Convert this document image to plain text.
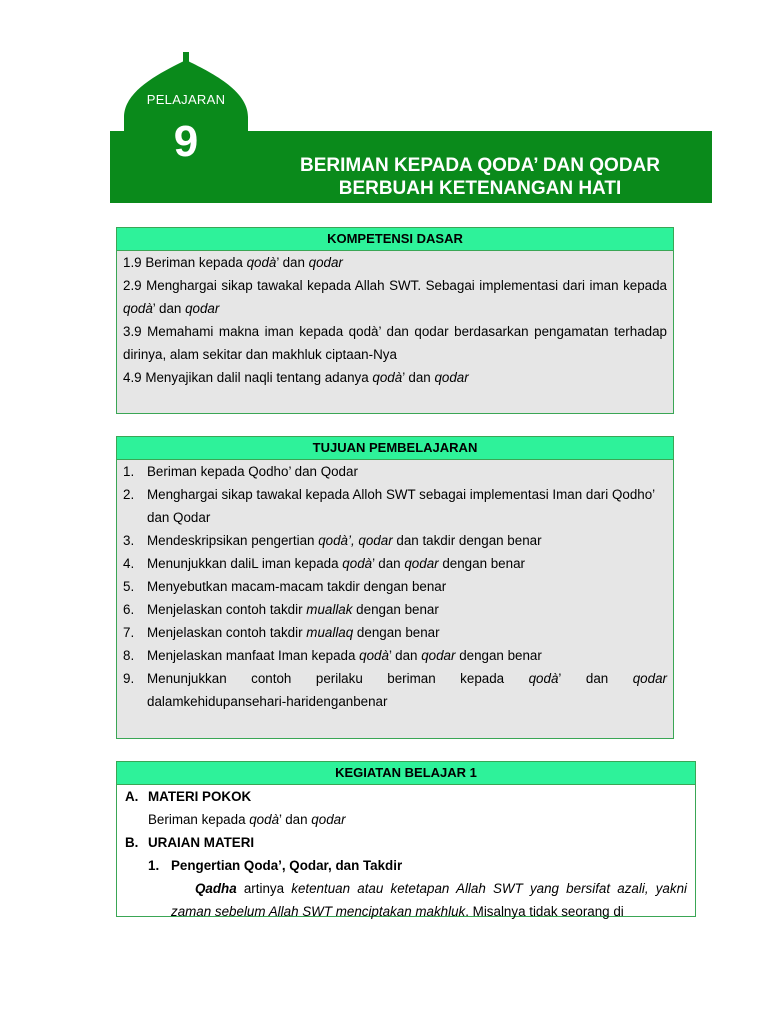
PELAJARAN
9	BERIMAN KEPADA QODA’ DAN QODAR
BERBUAH KETENANGAN HATI
KOMPETENSI DASAR
1.9 Beriman kepada qodà’ dan qodar
2.9 Menghargai sikap tawakal kepada Allah SWT. Sebagai implementasi dari iman kepada qodà’ dan qodar
3.9 Memahami makna iman kepada qodà’ dan qodar berdasarkan pengamatan terhadap dirinya, alam sekitar dan makhluk ciptaan-Nya
4.9 Menyajikan dalil naqli tentang adanya qodà’ dan qodar
TUJUAN PEMBELAJARAN
1. Beriman kepada Qodho’ dan Qodar
2. Menghargai sikap tawakal kepada Alloh SWT sebagai implementasi Iman dari Qodho’ dan Qodar
3. Mendeskripsikan pengertian qodà’, qodar dan takdir dengan benar
4. Menunjukkan daliL iman kepada qodà’ dan qodar dengan benar
5. Menyebutkan macam-macam takdir dengan benar
6. Menjelaskan contoh takdir muallak dengan benar
7. Menjelaskan contoh takdir muallaq dengan benar
8. Menjelaskan manfaat Iman kepada qodà’ dan qodar dengan benar
9. Menunjukkan contoh perilaku beriman kepada qodà’ dan qodar
dalamkehidupansehari-haridenganbenar
KEGIATAN BELAJAR 1
A. MATERI POKOK
Beriman kepada qodà’ dan qodar
B. URAIAN MATERI
1. Pengertian Qoda’, Qodar, dan Takdir
Qadha artinya ketentuan atau ketetapan Allah SWT yang bersifat azali, yakni zaman sebelum Allah SWT menciptakan makhluk. Misalnya tidak seorang di
